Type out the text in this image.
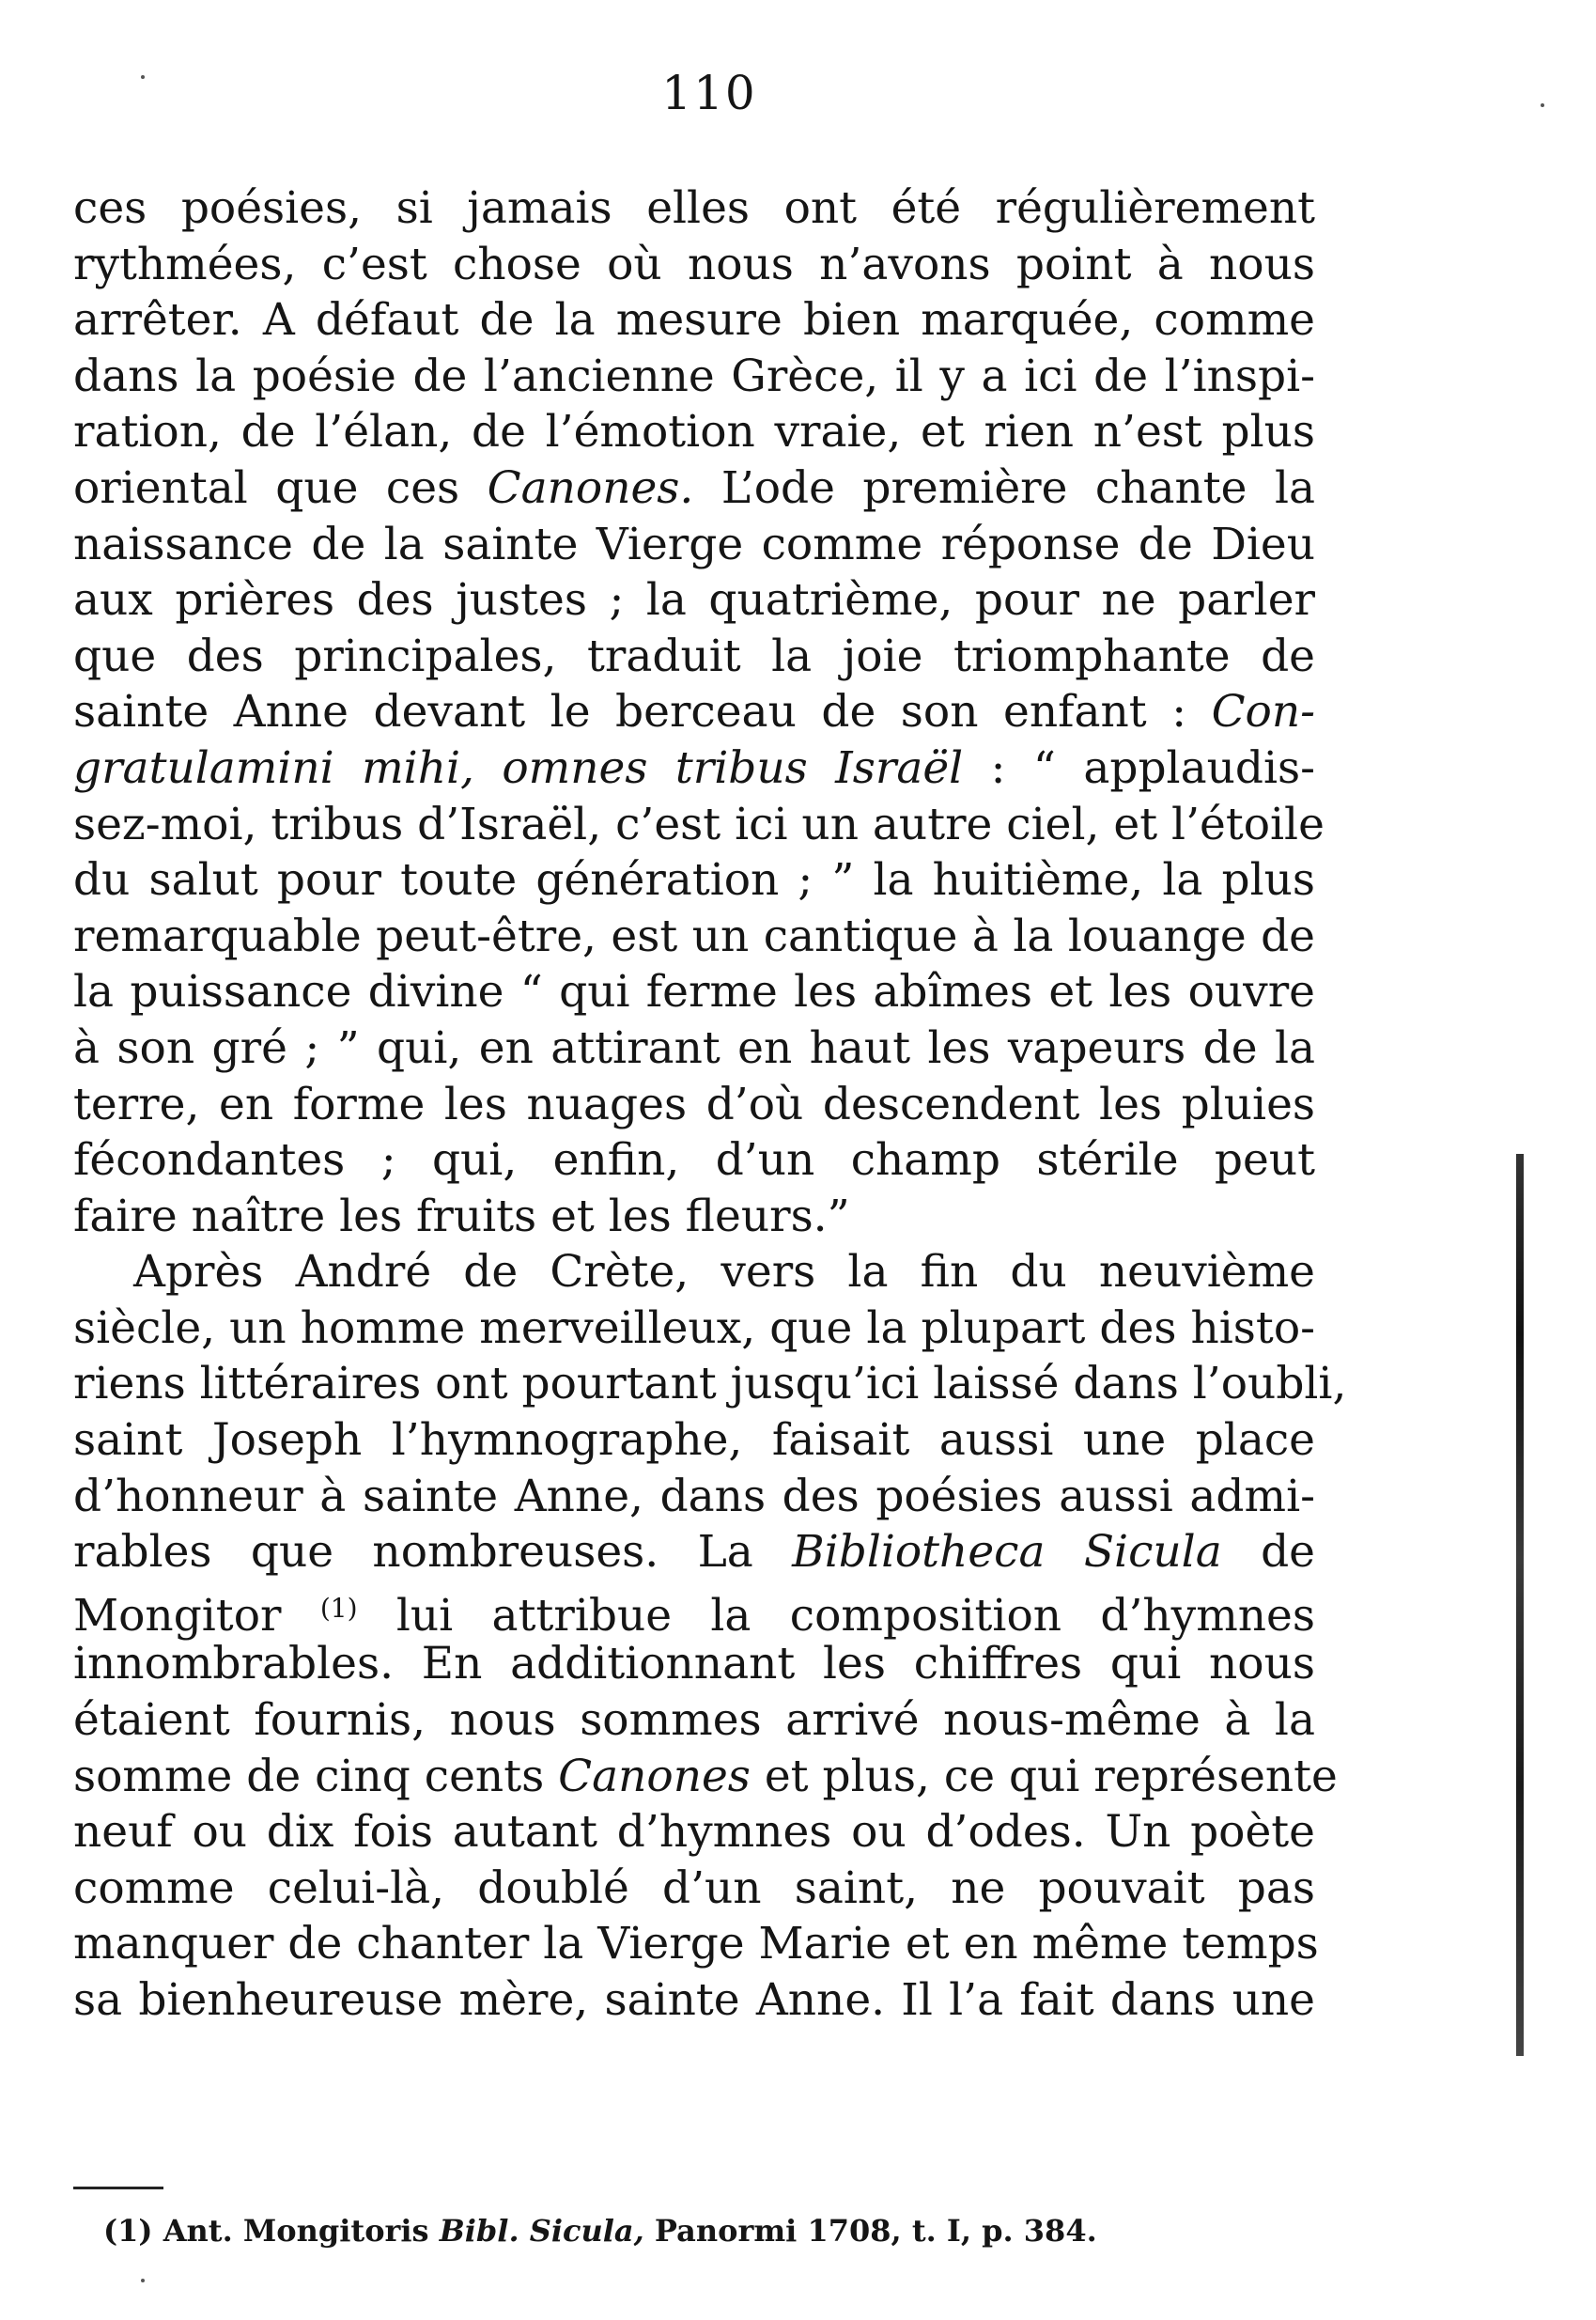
110
ces poésies, si jamais elles ont été régulièrement
rythmées, c’est chose où nous n’avons point à nous
arrêter. A défaut de la mesure bien marquée, comme
dans la poésie de l’ancienne Grèce, il y a ici de l’inspi-
ration, de l’élan, de l’émotion vraie, et rien n’est plus
oriental que ces Canones. L’ode première chante la
naissance de la sainte Vierge comme réponse de Dieu
aux prières des justes ; la quatrième, pour ne parler
que des principales, traduit la joie triomphante de
sainte Anne devant le berceau de son enfant : Con-
gratulamini mihi, omnes tribus Israël : “ applaudis-
sez-moi, tribus d’Israël, c’est ici un autre ciel, et l’étoile
du salut pour toute génération ; ” la huitième, la plus
remarquable peut-être, est un cantique à la louange de
la puissance divine “ qui ferme les abîmes et les ouvre
à son gré ; ” qui, en attirant en haut les vapeurs de la
terre, en forme les nuages d’où descendent les pluies
fécondantes ; qui, enfin, d’un champ stérile peut
faire naître les fruits et les fleurs.”
Après André de Crète, vers la fin du neuvième
siècle, un homme merveilleux, que la plupart des histo-
riens littéraires ont pourtant jusqu’ici laissé dans l’oubli,
saint Joseph l’hymnographe, faisait aussi une place
d’honneur à sainte Anne, dans des poésies aussi admi-
rables que nombreuses. La Bibliotheca Sicula de
Mongitor $^{(1)}$ lui attribue la composition d’hymnes
innombrables. En additionnant les chiffres qui nous
étaient fournis, nous sommes arrivé nous-même à la
somme de cinq cents Canones et plus, ce qui représente
neuf ou dix fois autant d’hymnes ou d’odes. Un poète
comme celui-là, doublé d’un saint, ne pouvait pas
manquer de chanter la Vierge Marie et en même temps
sa bienheureuse mère, sainte Anne. Il l’a fait dans une
(1) Ant. Mongitoris Bibl. Sicula, Panormi 1708, t. I, p. 384.
